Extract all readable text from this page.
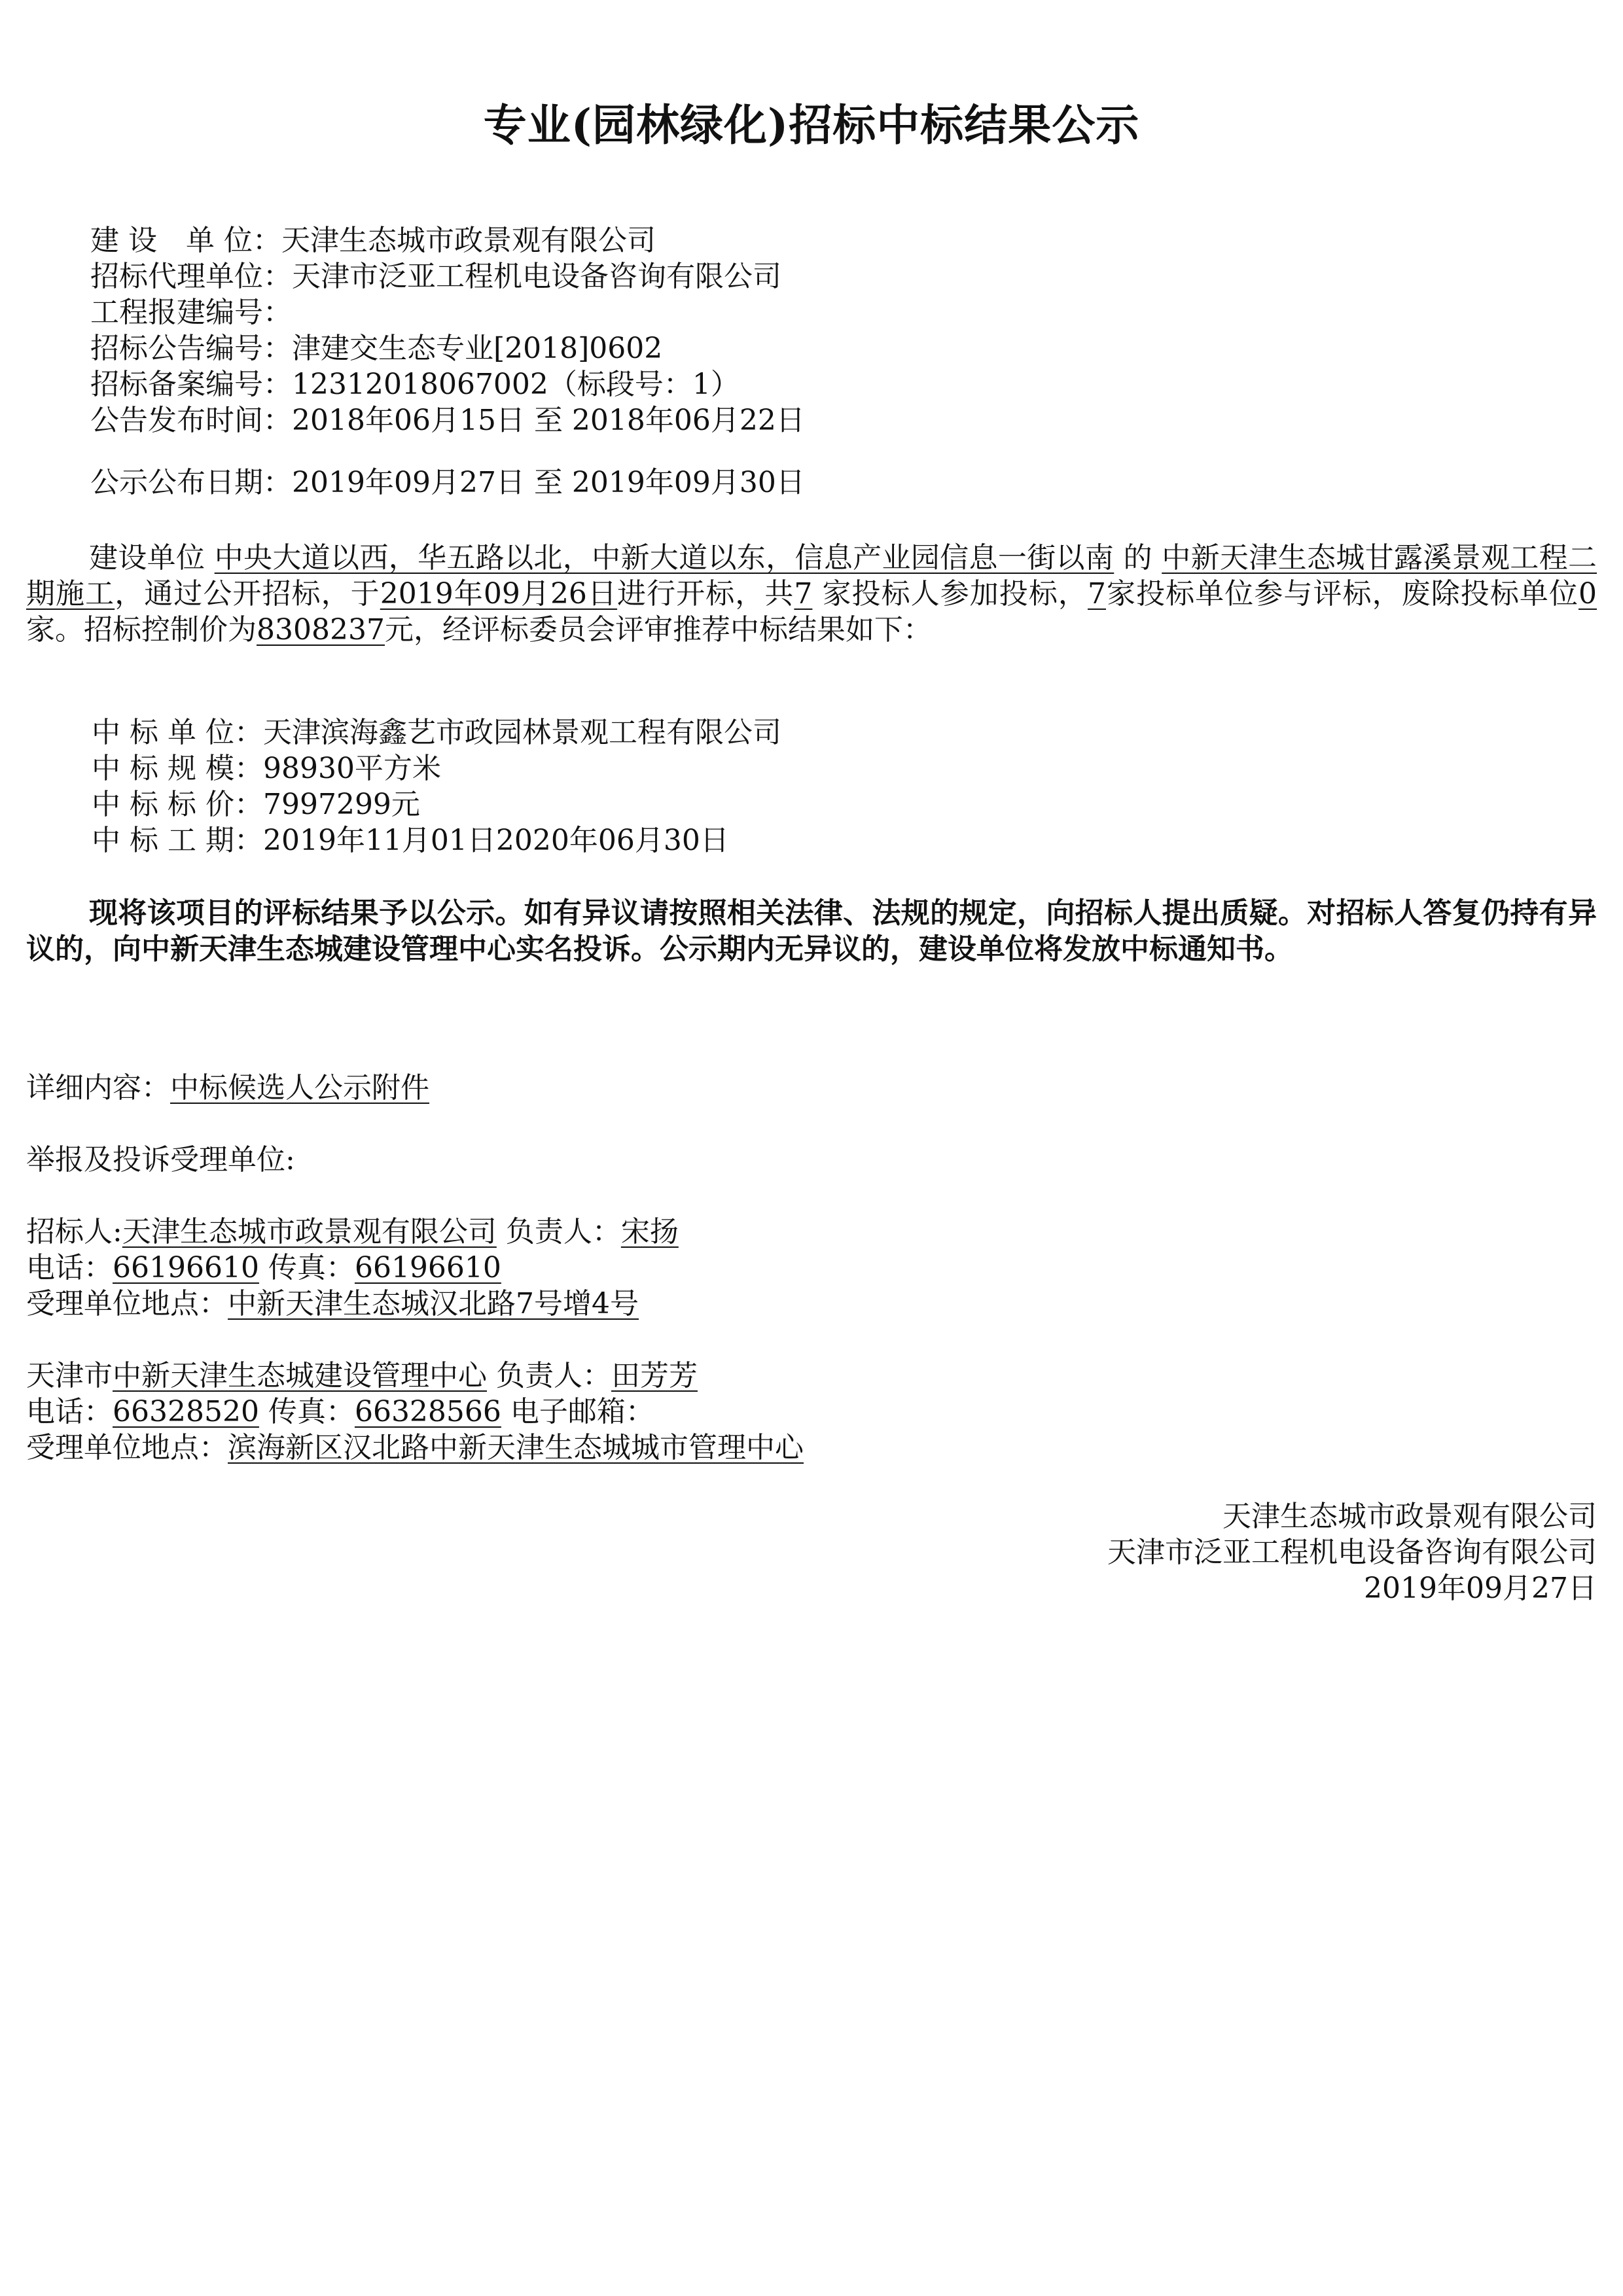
专业(园林绿化)招标中标结果公示
建 设　单 位：天津生态城市政景观有限公司
招标代理单位：天津市泛亚工程机电设备咨询有限公司
工程报建编号：
招标公告编号：津建交生态专业[2018]0602
招标备案编号：12312018067002（标段号：1）
公告发布时间：2018年06月15日 至 2018年06月22日
公示公布日期：2019年09月27日 至 2019年09月30日
建设单位 中央大道以西，华五路以北，中新大道以东，信息产业园信息一街以南 的 中新天津生态城甘露溪景观工程二期施工，通过公开招标，于2019年09月26日进行开标，共7 家投标人参加投标，7家投标单位参与评标，废除投标单位0家。招标控制价为8308237元，经评标委员会评审推荐中标结果如下：
中 标 单 位：天津滨海鑫艺市政园林景观工程有限公司
中 标 规 模：98930平方米
中 标 标 价：7997299元
中 标 工 期：2019年11月01日2020年06月30日
现将该项目的评标结果予以公示。如有异议请按照相关法律、法规的规定，向招标人提出质疑。对招标人答复仍持有异议的，向中新天津生态城建设管理中心实名投诉。公示期内无异议的，建设单位将发放中标通知书。
详细内容：中标候选人公示附件
举报及投诉受理单位:
招标人:天津生态城市政景观有限公司 负责人：宋扬
电话：66196610 传真：66196610
受理单位地点：中新天津生态城汉北路7号增4号
天津市中新天津生态城建设管理中心 负责人：田芳芳
电话：66328520 传真：66328566 电子邮箱：
受理单位地点：滨海新区汉北路中新天津生态城城市管理中心
天津生态城市政景观有限公司
天津市泛亚工程机电设备咨询有限公司
2019年09月27日
